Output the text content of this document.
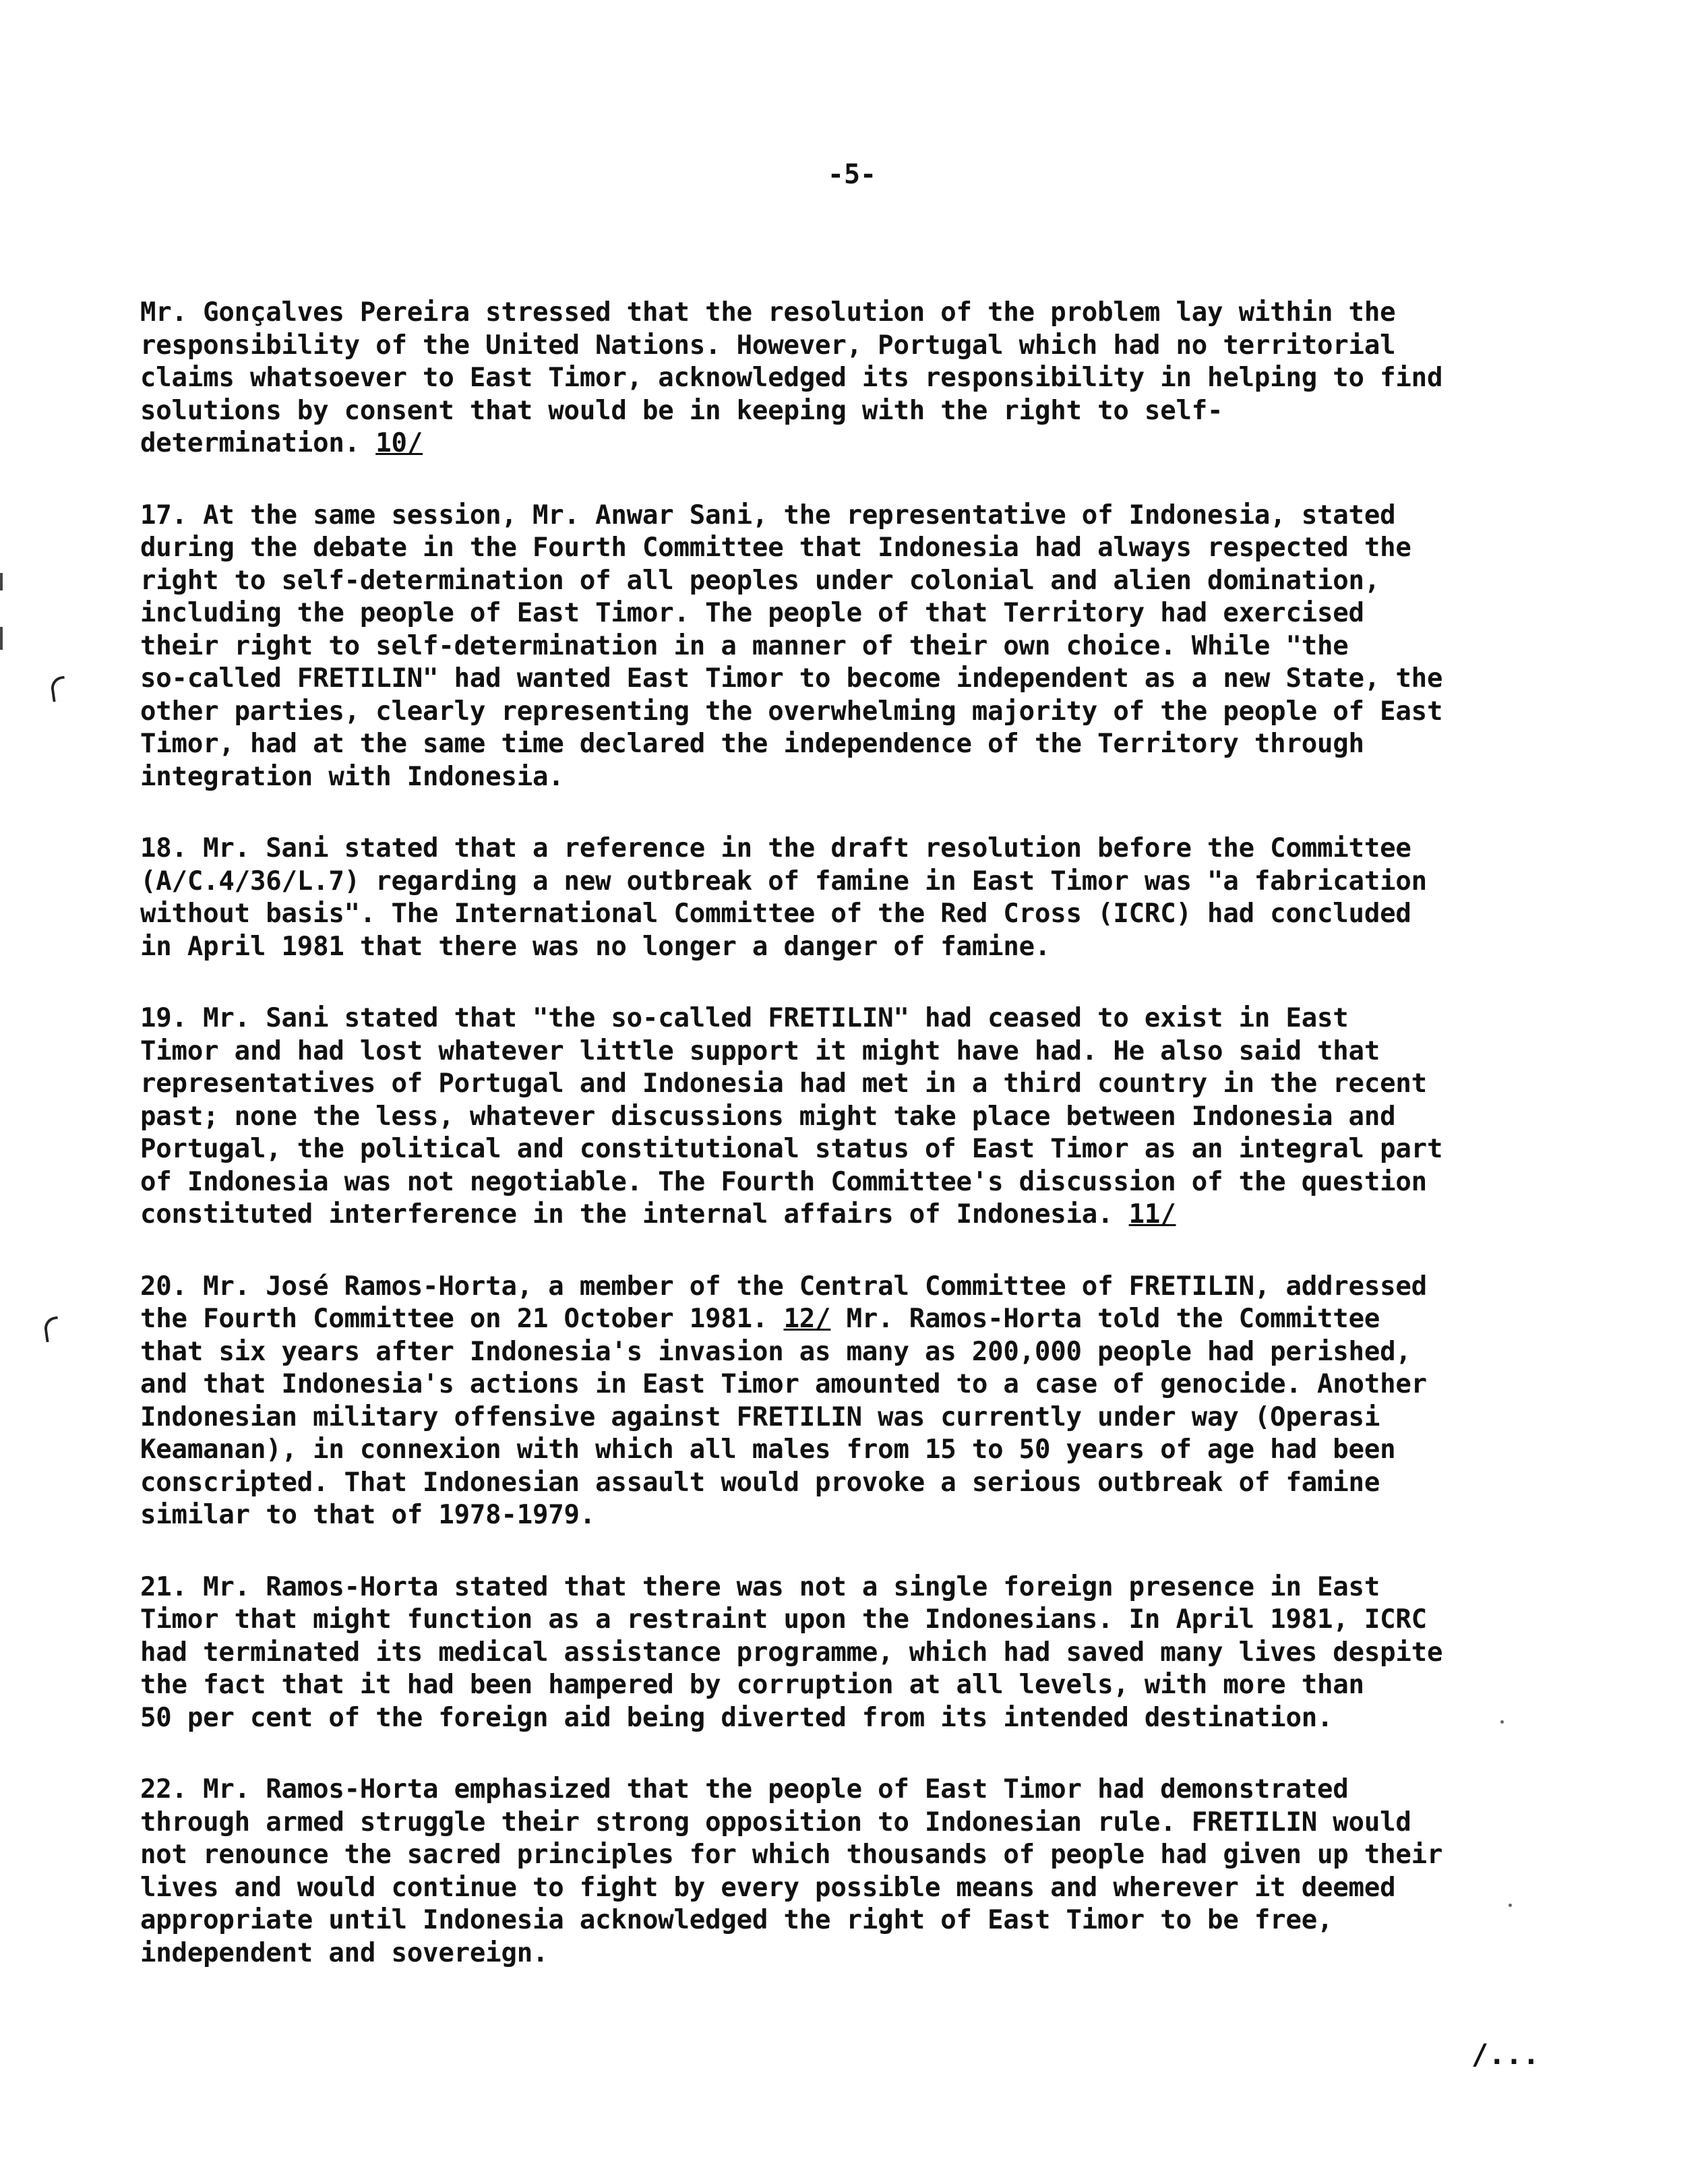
-5-

Mr. Gonçalves Pereira stressed that the resolution of the problem lay within the
responsibility of the United Nations. However, Portugal which had no territorial
claims whatsoever to East Timor, acknowledged its responsibility in helping to find
solutions by consent that would be in keeping with the right to self-
determination. 10/

17. At the same session, Mr. Anwar Sani, the representative of Indonesia, stated
during the debate in the Fourth Committee that Indonesia had always respected the
right to self-determination of all peoples under colonial and alien domination,
including the people of East Timor. The people of that Territory had exercised
their right to self-determination in a manner of their own choice. While "the
so-called FRETILIN" had wanted East Timor to become independent as a new State, the
other parties, clearly representing the overwhelming majority of the people of East
Timor, had at the same time declared the independence of the Territory through
integration with Indonesia.

18. Mr. Sani stated that a reference in the draft resolution before the Committee
(A/C.4/36/L.7) regarding a new outbreak of famine in East Timor was "a fabrication
without basis". The International Committee of the Red Cross (ICRC) had concluded
in April 1981 that there was no longer a danger of famine.

19. Mr. Sani stated that "the so-called FRETILIN" had ceased to exist in East
Timor and had lost whatever little support it might have had. He also said that
representatives of Portugal and Indonesia had met in a third country in the recent
past; none the less, whatever discussions might take place between Indonesia and
Portugal, the political and constitutional status of East Timor as an integral part
of Indonesia was not negotiable. The Fourth Committee's discussion of the question
constituted interference in the internal affairs of Indonesia. 11/

20. Mr. José Ramos-Horta, a member of the Central Committee of FRETILIN, addressed
the Fourth Committee on 21 October 1981. 12/ Mr. Ramos-Horta told the Committee
that six years after Indonesia's invasion as many as 200,000 people had perished,
and that Indonesia's actions in East Timor amounted to a case of genocide. Another
Indonesian military offensive against FRETILIN was currently under way (Operasi
Keamanan), in connexion with which all males from 15 to 50 years of age had been
conscripted. That Indonesian assault would provoke a serious outbreak of famine
similar to that of 1978-1979.

21. Mr. Ramos-Horta stated that there was not a single foreign presence in East
Timor that might function as a restraint upon the Indonesians. In April 1981, ICRC
had terminated its medical assistance programme, which had saved many lives despite
the fact that it had been hampered by corruption at all levels, with more than
50 per cent of the foreign aid being diverted from its intended destination.

22. Mr. Ramos-Horta emphasized that the people of East Timor had demonstrated
through armed struggle their strong opposition to Indonesian rule. FRETILIN would
not renounce the sacred principles for which thousands of people had given up their
lives and would continue to fight by every possible means and wherever it deemed
appropriate until Indonesia acknowledged the right of East Timor to be free,
independent and sovereign.

/...
